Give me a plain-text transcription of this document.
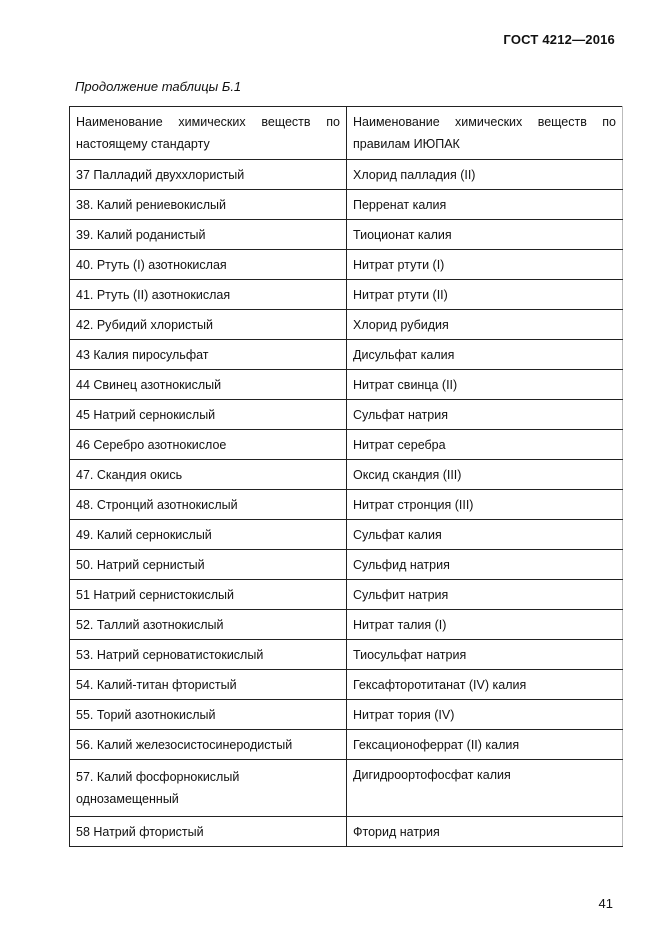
ГОСТ 4212—2016
Продолжение таблицы Б.1
Наименование химических веществ по настоящему стандарту	Наименование химических веществ по правилам ИЮПАК
37 Палладий двуххлористый	Хлорид палладия (II)
38. Калий рениевокислый	Перренат калия
39. Калий роданистый	Тиоционат калия
40. Ртуть (I) азотнокислая	Нитрат ртути (I)
41. Ртуть (II) азотнокислая	Нитрат ртути (II)
42. Рубидий хлористый	Хлорид рубидия
43 Калия пиросульфат	Дисульфат калия
44 Свинец азотнокислый	Нитрат свинца (II)
45 Натрий сернокислый	Сульфат натрия
46 Серебро азотнокислое	Нитрат серебра
47. Скандия окись	Оксид скандия (III)
48. Стронций азотнокислый	Нитрат стронция (III)
49. Калий сернокислый	Сульфат калия
50. Натрий сернистый	Сульфид натрия
51 Натрий сернистокислый	Сульфит натрия
52. Таллий азотнокислый	Нитрат талия (I)
53. Натрий серноватистокислый	Тиосульфат натрия
54. Калий-титан фтористый	Гексафторотитанат (IV) калия
55. Торий азотнокислый	Нитрат тория (IV)
56. Калий железосистосинеродистый	Гексационоферрат (II) калия
57. Калий фосфорнокислый однозамещенный	Дигидроортофосфат калия
58 Натрий фтористый	Фторид натрия
41
